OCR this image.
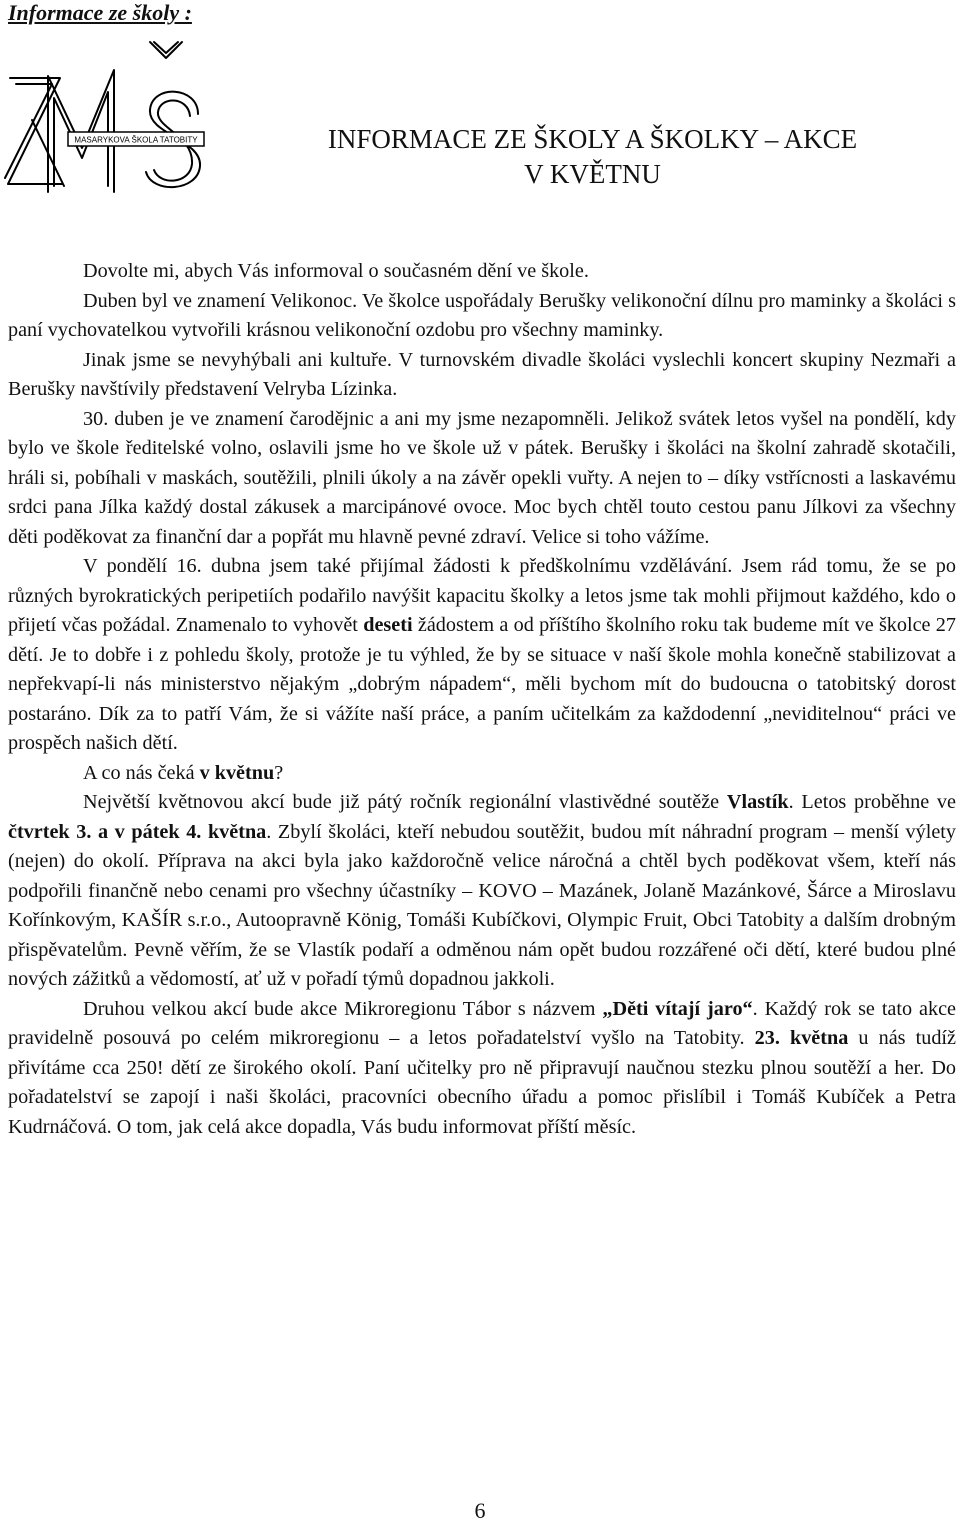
Informace ze školy :
MASARYKOVA ŠKOLA TATOBITY	INFORMACE ZE ŠKOLY A ŠKOLKY – AKCE
V KVĚTNU

Dovolte mi, abych Vás informoval o současném dění ve škole.

Duben byl ve znamení Velikonoc. Ve školce uspořádaly Berušky velikonoční dílnu pro maminky a školáci s paní vychovatelkou vytvořili krásnou velikonoční ozdobu pro všechny maminky.

Jinak jsme se nevyhýbali ani kultuře. V turnovském divadle školáci vyslechli koncert skupiny Nezmaři a Berušky navštívily představení Velryba Lízinka.

30. duben je ve znamení čarodějnic a ani my jsme nezapomněli. Jelikož svátek letos vyšel na pondělí, kdy bylo ve škole ředitelské volno, oslavili jsme ho ve škole už v pátek. Berušky i školáci na školní zahradě skotačili, hráli si, pobíhali v maskách, soutěžili, plnili úkoly a na závěr opekli vuřty. A nejen to – díky vstřícnosti a laskavému srdci pana Jílka každý dostal zákusek a marcipánové ovoce. Moc bych chtěl touto cestou panu Jílkovi za všechny děti poděkovat za finanční dar a popřát mu hlavně pevné zdraví. Velice si toho vážíme.

V pondělí 16. dubna jsem také přijímal žádosti k předškolnímu vzdělávání. Jsem rád tomu, že se po různých byrokratických peripetiích podařilo navýšit kapacitu školky a letos jsme tak mohli přijmout každého, kdo o přijetí včas požádal. Znamenalo to vyhovět deseti žádostem a od příštího školního roku tak budeme mít ve školce 27 dětí. Je to dobře i z pohledu školy, protože je tu výhled, že by se situace v naší škole mohla konečně stabilizovat a nepřekvapí-li nás ministerstvo nějakým „dobrým nápadem“, měli bychom mít do budoucna o tatobitský dorost postaráno. Dík za to patří Vám, že si vážíte naší práce, a paním učitelkám za každodenní „neviditelnou“ práci ve prospěch našich dětí.

A co nás čeká v květnu?

Největší květnovou akcí bude již pátý ročník regionální vlastivědné soutěže Vlastík. Letos proběhne ve čtvrtek 3. a v pátek 4. května. Zbylí školáci, kteří nebudou soutěžit, budou mít náhradní program – menší výlety (nejen) do okolí. Příprava na akci byla jako každoročně velice náročná a chtěl bych poděkovat všem, kteří nás podpořili finančně nebo cenami pro všechny účastníky – KOVO – Mazánek, Jolaně Mazánkové, Šárce a Miroslavu Kořínkovým, KAŠÍR s.r.o., Autoopravně König, Tomáši Kubíčkovi, Olympic Fruit, Obci Tatobity a dalším drobným přispěvatelům. Pevně věřím, že se Vlastík podaří a odměnou nám opět budou rozzářené oči dětí, které budou plné nových zážitků a vědomostí, ať už v pořadí týmů dopadnou jakkoli.

Druhou velkou akcí bude akce Mikroregionu Tábor s názvem „Děti vítají jaro“. Každý rok se tato akce pravidelně posouvá po celém mikroregionu – a letos pořadatelství vyšlo na Tatobity. 23. května u nás tudíž přivítáme cca 250! dětí ze širokého okolí. Paní učitelky pro ně připravují naučnou stezku plnou soutěží a her. Do pořadatelství se zapojí i naši školáci, pracovníci obecního úřadu a pomoc přislíbil i Tomáš Kubíček a Petra Kudrnáčová. O tom, jak celá akce dopadla, Vás budu informovat příští měsíc.

6
